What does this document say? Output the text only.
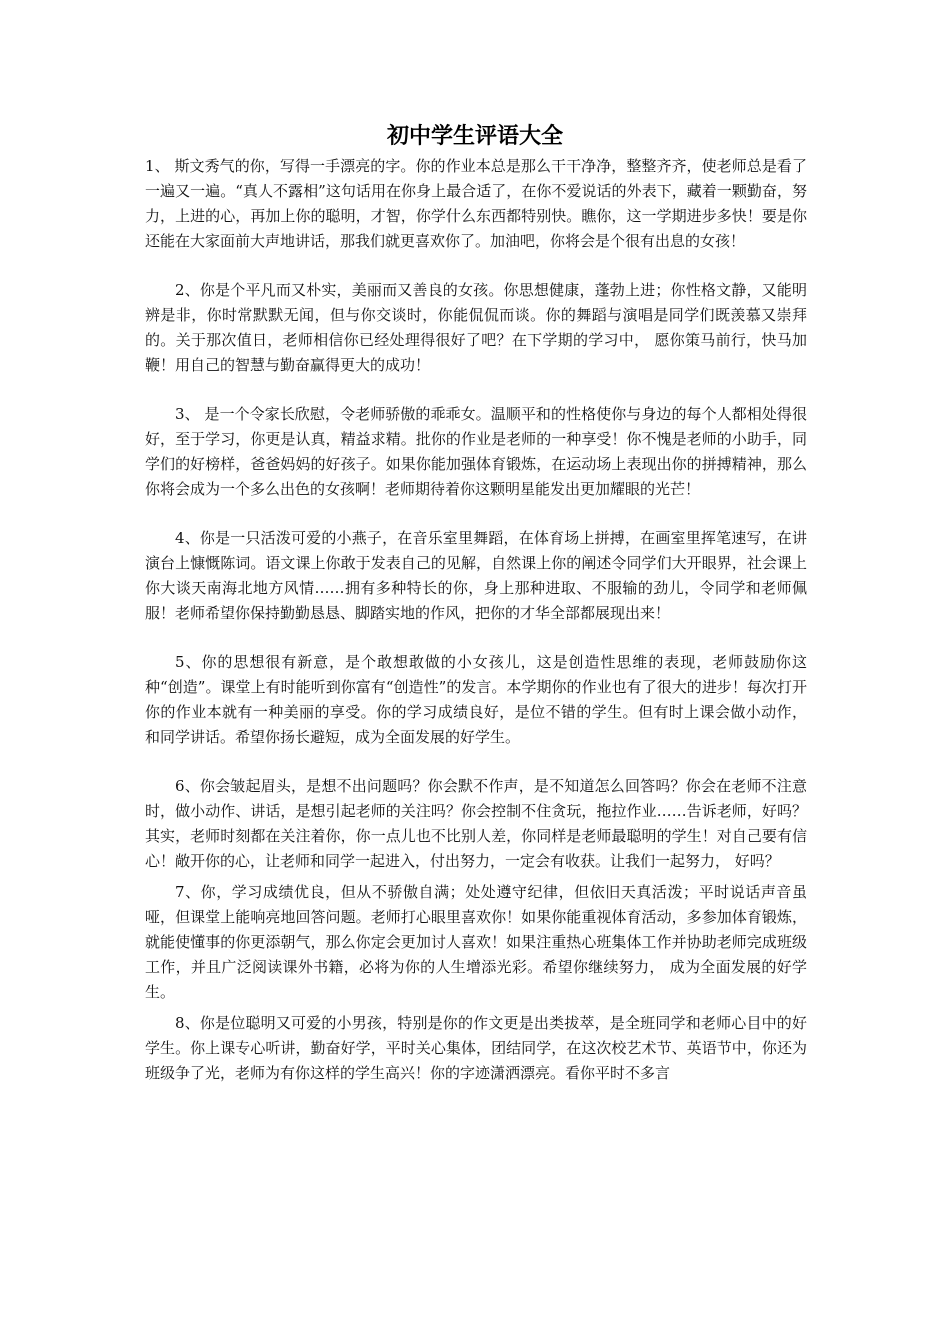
初中学生评语大全

1、 斯文秀气的你，写得一手漂亮的字。你的作业本总是那么干干净净，整整齐齐，使老师总是看了一遍又一遍。“真人不露相”这句话用在你身上最合适了，在你不爱说话的外表下，藏着一颗勤奋，努力，上进的心，再加上你的聪明，才智，你学什么东西都特别快。瞧你，这一学期进步多快！要是你还能在大家面前大声地讲话，那我们就更喜欢你了。加油吧，你将会是个很有出息的女孩！

2、你是个平凡而又朴实，美丽而又善良的女孩。你思想健康，蓬勃上进；你性格文静，又能明辨是非，你时常默默无闻，但与你交谈时，你能侃侃而谈。你的舞蹈与演唱是同学们既羡慕又崇拜的。关于那次值日，老师相信你已经处理得很好了吧？在下学期的学习中， 愿你策马前行，快马加鞭！用自己的智慧与勤奋赢得更大的成功！

3、 是一个令家长欣慰，令老师骄傲的乖乖女。温顺平和的性格使你与身边的每个人都相处得很好，至于学习，你更是认真，精益求精。批你的作业是老师的一种享受！你不愧是老师的小助手，同学们的好榜样，爸爸妈妈的好孩子。如果你能加强体育锻炼，在运动场上表现出你的拼搏精神，那么你将会成为一个多么出色的女孩啊！老师期待着你这颗明星能发出更加耀眼的光芒！

4、你是一只活泼可爱的小燕子，在音乐室里舞蹈，在体育场上拼搏，在画室里挥笔速写，在讲演台上慷慨陈词。语文课上你敢于发表自己的见解，自然课上你的阐述令同学们大开眼界，社会课上你大谈天南海北地方风情……拥有多种特长的你，身上那种进取、不服输的劲儿，令同学和老师佩服！老师希望你保持勤勤恳恳、脚踏实地的作风，把你的才华全部都展现出来！

5、你的思想很有新意，是个敢想敢做的小女孩儿，这是创造性思维的表现，老师鼓励你这种“创造”。课堂上有时能听到你富有“创造性”的发言。本学期你的作业也有了很大的进步！每次打开你的作业本就有一种美丽的享受。你的学习成绩良好，是位不错的学生。但有时上课会做小动作， 和同学讲话。希望你扬长避短，成为全面发展的好学生。

6、你会皱起眉头，是想不出问题吗？你会默不作声，是不知道怎么回答吗？你会在老师不注意时，做小动作、讲话，是想引起老师的关注吗？你会控制不住贪玩，拖拉作业……告诉老师，好吗？其实，老师时刻都在关注着你，你一点儿也不比别人差，你同样是老师最聪明的学生！对自己要有信心！敞开你的心，让老师和同学一起进入，付出努力，一定会有收获。让我们一起努力， 好吗？

7、你，学习成绩优良，但从不骄傲自满；处处遵守纪律，但依旧天真活泼；平时说话声音虽哑，但课堂上能响亮地回答问题。老师打心眼里喜欢你！如果你能重视体育活动，多参加体育锻炼，就能使懂事的你更添朝气，那么你定会更加讨人喜欢！如果注重热心班集体工作并协助老师完成班级工作，并且广泛阅读课外书籍，必将为你的人生增添光彩。希望你继续努力， 成为全面发展的好学生。

8、你是位聪明又可爱的小男孩，特别是你的作文更是出类拔萃，是全班同学和老师心目中的好学生。你上课专心听讲，勤奋好学，平时关心集体，团结同学，在这次校艺术节、英语节中，你还为班级争了光，老师为有你这样的学生高兴！你的字迹潇洒漂亮。看你平时不多言
